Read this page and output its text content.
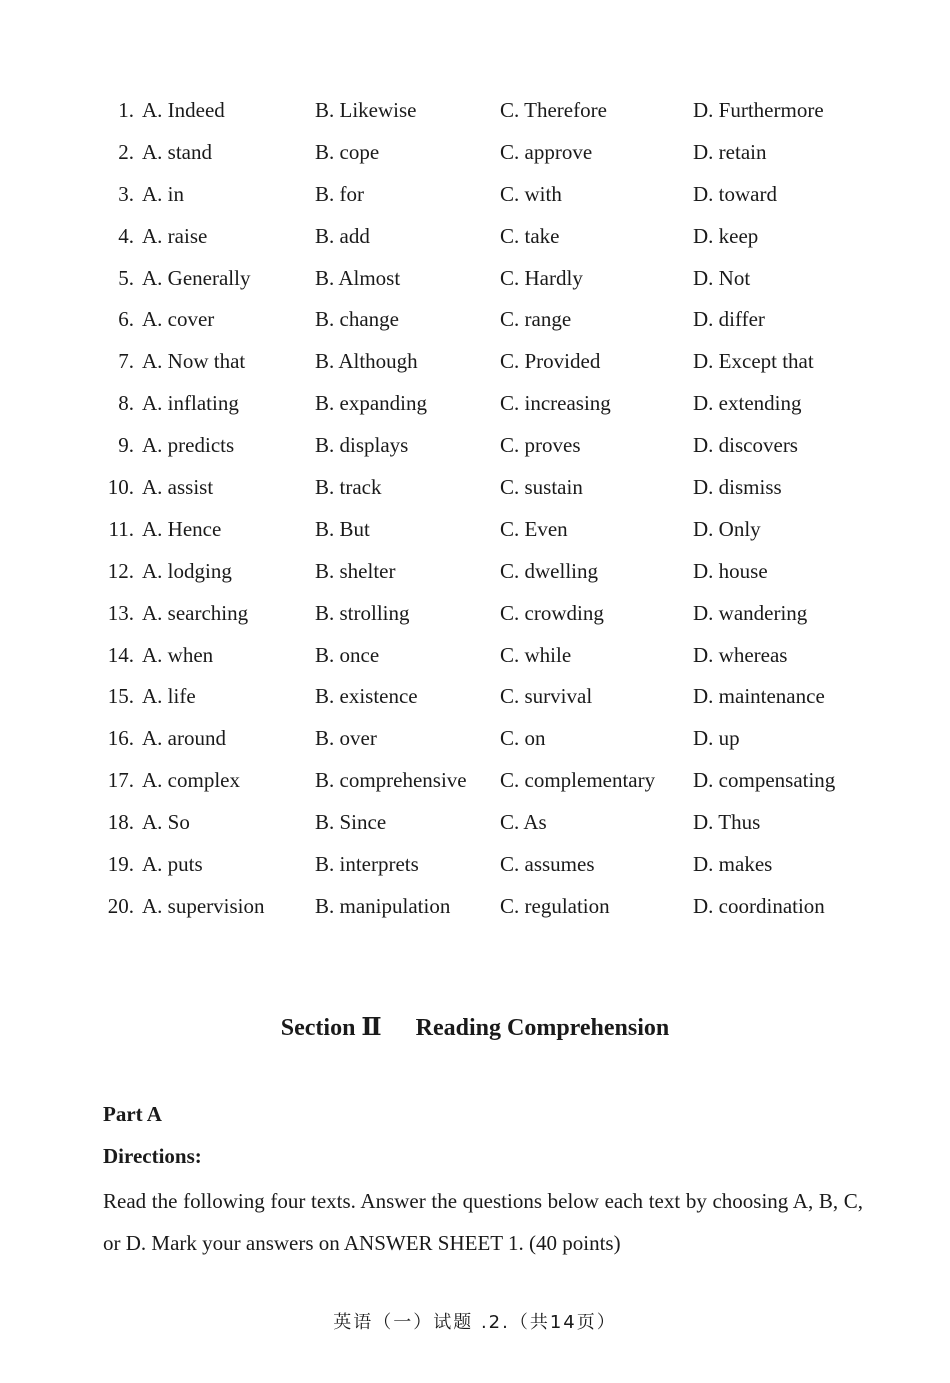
1. A. Indeed	B. Likewise	C. Therefore	D. Furthermore
2. A. stand	B. cope	C. approve	D. retain
3. A. in	B. for	C. with	D. toward
4. A. raise	B. add	C. take	D. keep
5. A. Generally	B. Almost	C. Hardly	D. Not
6. A. cover	B. change	C. range	D. differ
7. A. Now that	B. Although	C. Provided	D. Except that
8. A. inflating	B. expanding	C. increasing	D. extending
9. A. predicts	B. displays	C. proves	D. discovers
10. A. assist	B. track	C. sustain	D. dismiss
11. A. Hence	B. But	C. Even	D. Only
12. A. lodging	B. shelter	C. dwelling	D. house
13. A. searching	B. strolling	C. crowding	D. wandering
14. A. when	B. once	C. while	D. whereas
15. A. life	B. existence	C. survival	D. maintenance
16. A. around	B. over	C. on	D. up
17. A. complex	B. comprehensive C. complementary D. compensating
18. A. So	B. Since	C. As	D. Thus
19. A. puts	B. interprets	C. assumes	D. makes
20. A. supervision B. manipulation C. regulation	D. coordination
Section Ⅱ Reading Comprehension
Part A
Directions:
Read the following four texts. Answer the questions below each text by choosing A, B, C, or D. Mark your answers on ANSWER SHEET 1. (40 points)
英语（一）试题 .2.（共14页）
